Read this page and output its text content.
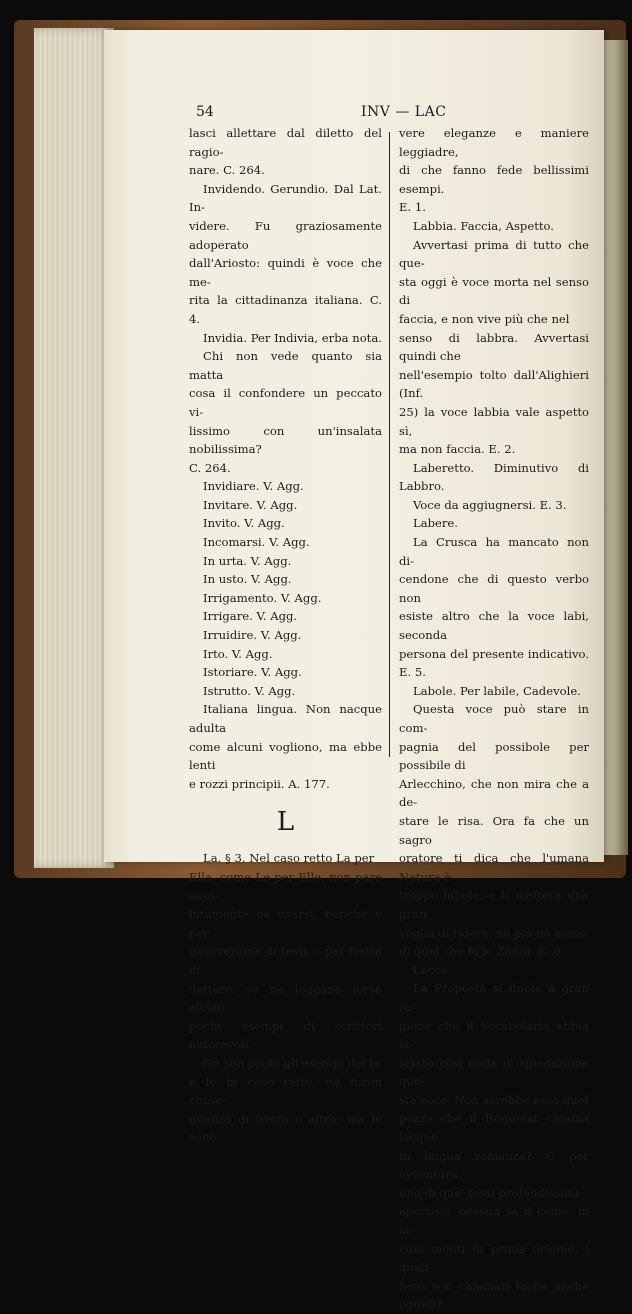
54	INV — LAC

lasci allettare dal diletto del ragio-

nare. C. 264.

Invidendo. Gerundio. Dal Lat. In-

videre. Fu graziosamente adoperato

dall'Ariosto: quindi è voce che me-

rita la cittadinanza italiana. C. 4.

Invidia. Per Indivia, erba nota.

Chi non vede quanto sia matta

cosa il confondere un peccato vi-

lissimo con un'insalata nobilissima?

C. 264.

Invidiare. V. Agg.

Invitare. V. Agg.

Invito. V. Agg.

Incomarsi. V. Agg.

In urta. V. Agg.

In usto. V. Agg.

Irrigamento. V. Agg.

Irrigare. V. Agg.

Irruidire. V. Agg.

Irto. V. Agg.

Istoriare. V. Agg.

Istrutto. V. Agg.

Italiana lingua. Non nacque adulta

come alcuni vogliono, ma ebbe lenti

e rozzi principii. A. 177.

L

La. § 3. Nel caso retto La per

Ella, come Le per Elle, non pare asso-

lutamente da usarsi, benchè o per

iscorrezione di testi, o per fretta di

dettare, se ne leggano forse alcuni

pochi esempi di scrittori autorevoli.

Nè son pochi gli esempi del la

e le in caso retto, nè furon conse-

guenza di fretta o altro; ma le sono

vere eleganze e maniere leggiadre,

di che fanno fede bellissimi esempi.

E. 1.

Labbia. Faccia, Aspetto.

Avvertasi prima di tutto che que-

sta oggi è voce morta nel senso di

faccia, e non vive più che nel

senso di labbra. Avvertasi quindi che

nell'esempio tolto dall'Alighieri (Inf.

25) la voce labbia vale aspetto sì,

ma non faccia. E. 2.

Laberetto. Diminutivo di Labbro.

Voce da aggiugnersi. E. 3.

Labere.

La Crusca ha mancato non di-

cendone che di questo verbo non

esiste altro che la voce labi, seconda

persona del presente indicativo. E. 5.

Labole. Per labile, Cadevole.

Questa voce può stare in com-

pagnia del possibole per possibile di

Arlecchino, che non mira che a de-

stare le risa. Ora fa che un sagro

oratore ti dica che l'umana Natura è

troppo labole, e ti metterà una gran

voglia di ridere, nè più nè meno

di quel che fa lo Zanni. E. 6.

Lacca.

La Proposta si duole a gran ra-

gione che il Vocabolario abbia la-

sciato così nuda di spiegazione que-

sta voce. Non sarebbe essa quel

pozzo che il Roquefat chiama lacque

in lingua romanza? O per avventura

uno di que' fessi profondissimi,

apertissi, nessun sa il come, in al-

cuni monti di prima origine, i quali

fessi son chiamati lache anche oggidì?
